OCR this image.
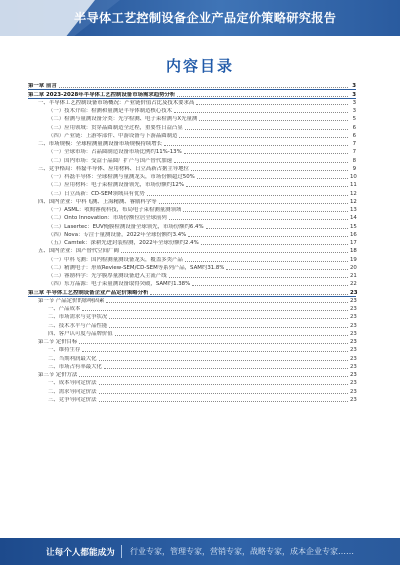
半导体工艺控制设备企业产品定价策略研究报告
内容目录
第一章 前言	3
第二章 2023-2028年半导体工艺控制设备市场需求趋势分析	3
一、半导体工艺控制设备市场概况：产业链价值占比及技术要求高	3
（一）技术介绍：检测和量测是半导体制造核心技术	3
（二）检测与量测设备分类：光学检测、电子束检测与X光量测	5
（三）应用领域：贯穿晶圆制造全过程，重要性日益凸显	6
（四）产业链：上游零部件、中游设备与下游晶圆制造	6
二、市场规模：全球检测量测设备市场规模持续增长	7
（一）全球市场：占晶圆制造设备市场比例约11%-13%	7
（二）国内市场：受益于晶圆厂扩产与国产替代加速	8
三、竞争格局：科磊半导体、应用材料、日立高新占据主导地位	9
（一）科磊半导体：全球检测与量测龙头，市场份额超过50%	10
（二）应用材料：电子束检测设备领先，市场份额约12%	11
（三）日立高新：CD-SEM领域具有优势	12
四、国内企业：中科飞测、上海精测、睿励科学等	12
（一）ASML：收购睿视科技，布局电子束检测量测领域	13
（二）Onto Innovation：市场份额位居全球前列	14
（三）Lasertec：EUV掩膜检测设备全球领先，市场份额约6.4%	15
（四）Nova：专注于量测设备，2022年全球份额约3.4%	16
（五）Camtek：深耕先进封装检测，2022年全球份额约2.4%	17
五、国内企业：国产替代空间广阔	18
（一）中科飞测：国内检测量测设备龙头，覆盖多类产品	19
（二）精测电子：形成Review-SEM/CD-SEM等系列产品，SAM约31.8%	20
（三）睿励科学：光学膜厚量测设备进入主流产线	21
（四）东方晶源：电子束量测设备取得突破，SAM约1.38%	22
第三章 半导体工艺控制设备企业产品定价策略分析	23
第一节 产品定价的影响因素	23
一、产品成本	23
二、市场需求与竞争状况	23
三、技术水平与产品性能	23
四、客户认可度与品牌价值	23
第二节 定价目标	23
一、维持生存	23
二、当期利润最大化	23
三、市场占有率最大化	23
第三节 定价方法	23
一、成本导向定价法	23
二、需求导向定价法	23
三、竞争导向定价法	23
让每个人都能成为 行业专家，管理专家，营销专家，战略专家，成本企业专家……
